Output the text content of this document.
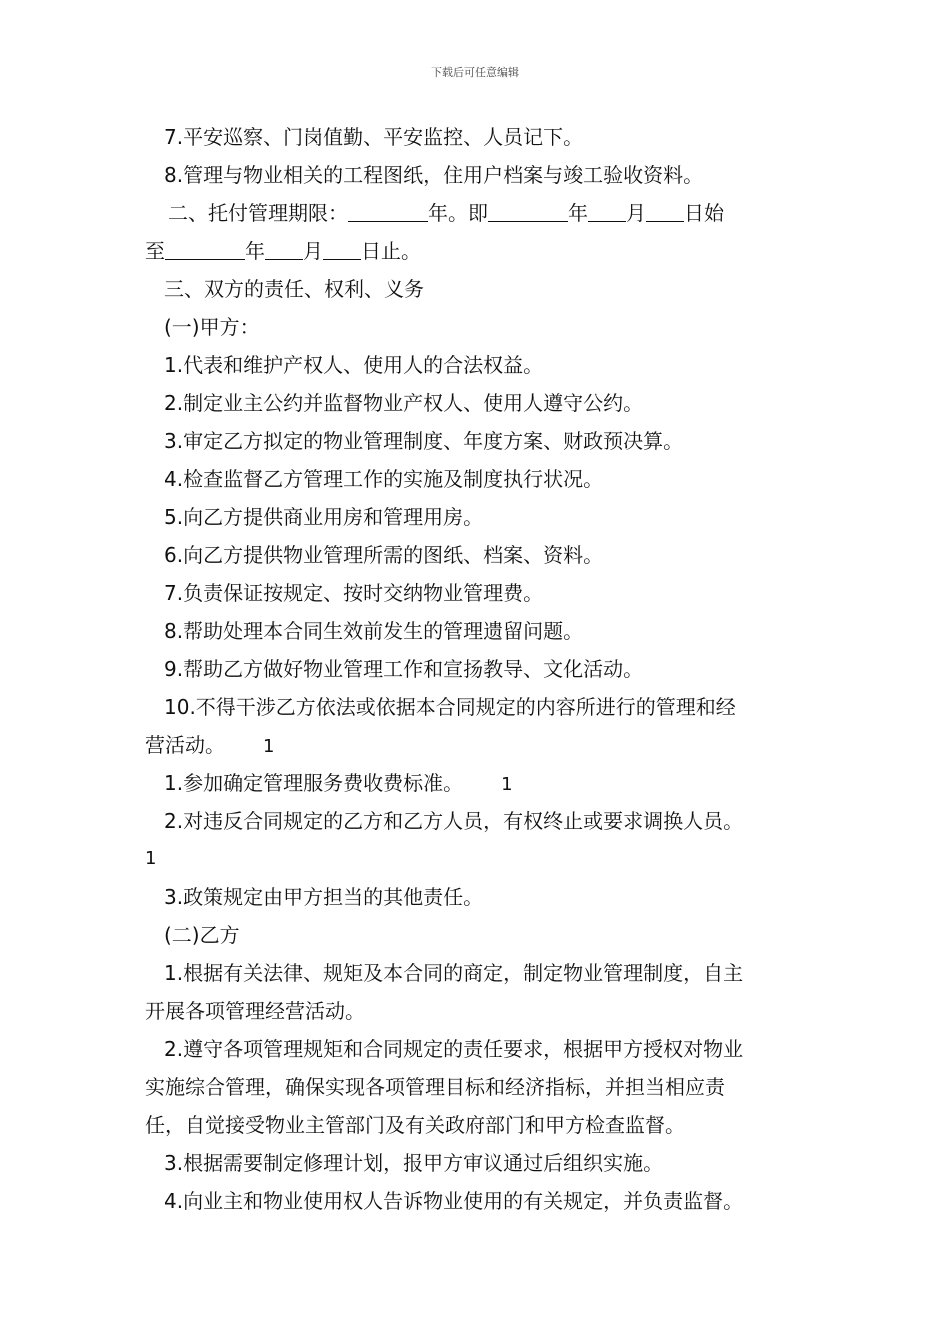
下载后可任意编辑
7.平安巡察、门岗值勤、平安监控、人员记下。
8.管理与物业相关的工程图纸，住用户档案与竣工验收资料。
二、托付管理期限：	年。即	年 月 日始
至	年 月 日止。
三、双方的责任、权利、义务
(一)甲方：
1.代表和维护产权人、使用人的合法权益。
2.制定业主公约并监督物业产权人、使用人遵守公约。
3.审定乙方拟定的物业管理制度、年度方案、财政预决算。
4.检查监督乙方管理工作的实施及制度执行状况。
5.向乙方提供商业用房和管理用房。
6.向乙方提供物业管理所需的图纸、档案、资料。
7.负责保证按规定、按时交纳物业管理费。
8.帮助处理本合同生效前发生的管理遗留问题。
9.帮助乙方做好物业管理工作和宣扬教导、文化活动。
10.不得干涉乙方依法或依据本合同规定的内容所进行的管理和经
营活动。 1
1.参加确定管理服务费收费标准。 1
2.对违反合同规定的乙方和乙方人员，有权终止或要求调换人员。
1
3.政策规定由甲方担当的其他责任。
(二)乙方
1.根据有关法律、规矩及本合同的商定，制定物业管理制度，自主
开展各项管理经营活动。
2.遵守各项管理规矩和合同规定的责任要求，根据甲方授权对物业
实施综合管理，确保实现各项管理目标和经济指标，并担当相应责
任，自觉接受物业主管部门及有关政府部门和甲方检查监督。
3.根据需要制定修理计划，报甲方审议通过后组织实施。
4.向业主和物业使用权人告诉物业使用的有关规定，并负责监督。
